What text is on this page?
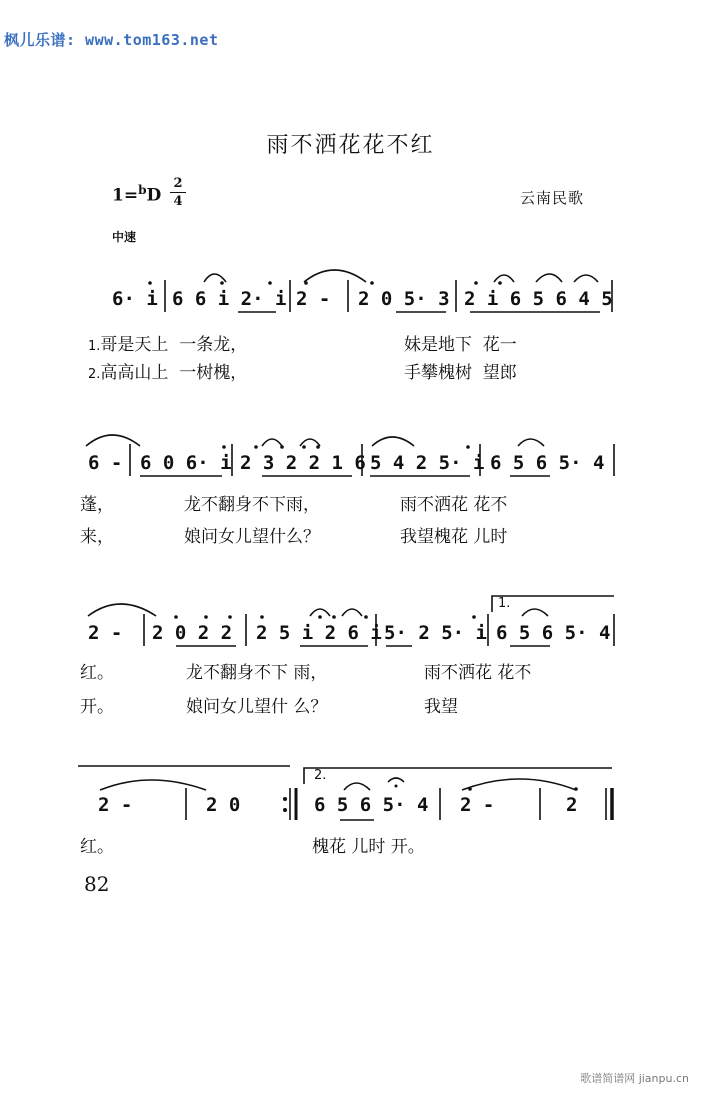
枫儿乐谱: www.tom163.net
雨不洒花花不红
1=$^b$D
2
4	云南民歌
中速
6· i 6 6 i 2· i 2 - 2 0 5· 3 2 i 6 5 6 4 5
1.哥是天上  一条龙，	妹是地下  花一
2.高高山上  一树槐，	手攀槐树  望郎
6 - 6 0 6· i 2 3 2 2 1 6 5 4 2 5· i 6 5 6 5· 4
蓬，	龙不翻身不下雨，	雨不洒花 花不
来，	娘问女儿望什么？	我望槐花 儿时
2 - 2 0 2 2 2 5 i 2 6 i 5· 2 5· i 6 5 6 5· 4
1.
红。	龙不翻身不下 雨，	雨不洒花 花不
开。	娘问女儿望什 么？	我望
2 -	2 0	6 5 6 5· 4 2 -	2
2.
红。	槐花 儿时 开。
82
歌谱简谱网 jianpu.cn
